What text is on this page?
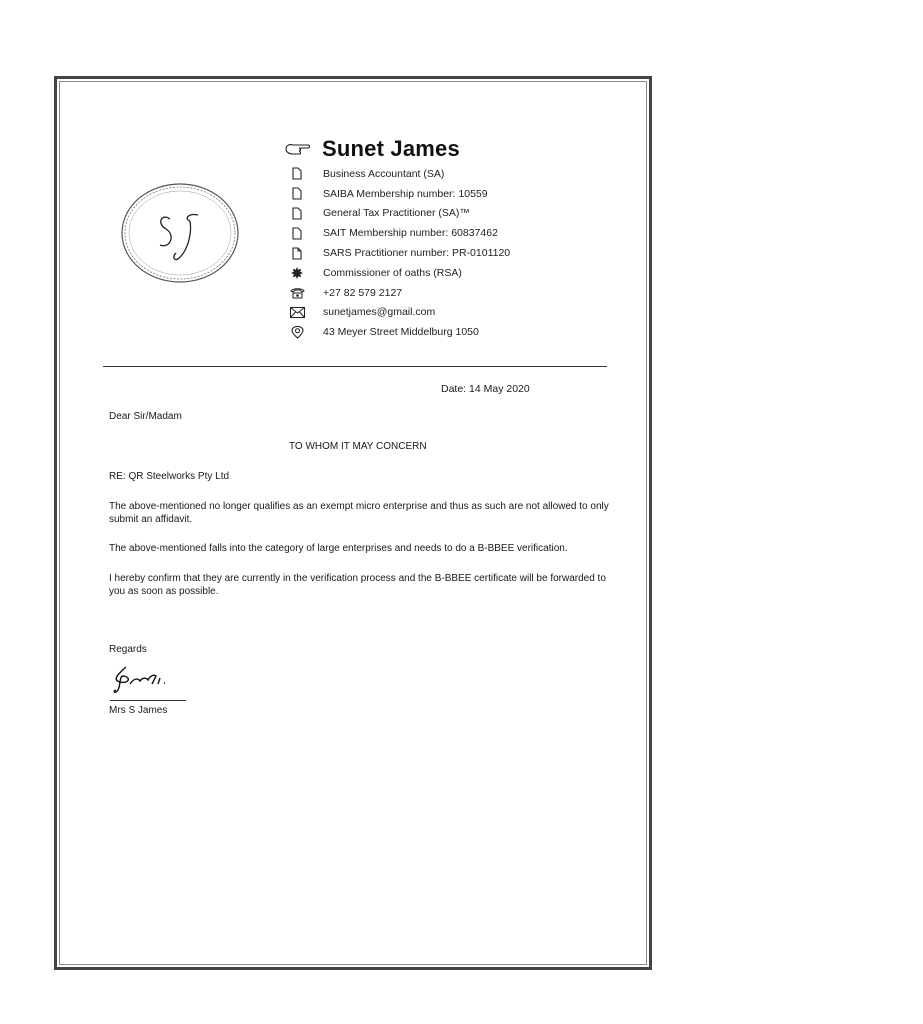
Sunet James
Business Accountant (SA)
SAIBA Membership number: 10559
General Tax Practitioner (SA)™
SAIT Membership number: 60837462
SARS Practitioner number: PR-0101120
Commissioner of oaths (RSA)
+27 82 579 2127
sunetjames@gmail.com
43 Meyer Street Middelburg 1050
Date: 14 May 2020
Dear Sir/Madam
TO WHOM IT MAY CONCERN
RE: QR Steelworks Pty Ltd
The above-mentioned no longer qualifies as an exempt micro enterprise and thus as such are not allowed to only submit an affidavit.
The above-mentioned falls into the category of large enterprises and needs to do a B-BBEE verification.
I hereby confirm that they are currently in the verification process and the B-BBEE certificate will be forwarded to you as soon as possible.
Regards
Mrs S James
